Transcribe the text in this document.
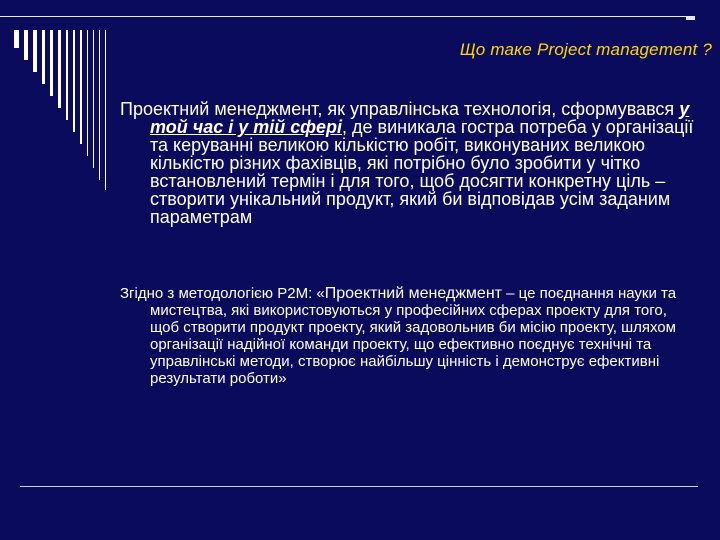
Що таке Project management ?

Проектний менеджмент, як управлінська технологія, сформувався у той час і у тій сфері, де виникала гостра потреба у організації та керуванні великою кількістю робіт, виконуваних великою кількістю різних фахівців, які потрібно було зробити у чітко встановлений термін і для того, щоб досягти конкретну ціль – створити унікальний продукт, який би відповідав усім заданим параметрам

Згідно з методологією Р2М: «Проектний менеджмент – це поєднання науки та мистецтва, які використовуються у професійних сферах проекту для того, щоб створити продукт проекту, який задовольнив би місію проекту, шляхом організації надійної команди проекту, що ефективно поєднує технічні та управлінські методи, створює найбільшу цінність і демонструє ефективні результати роботи»
